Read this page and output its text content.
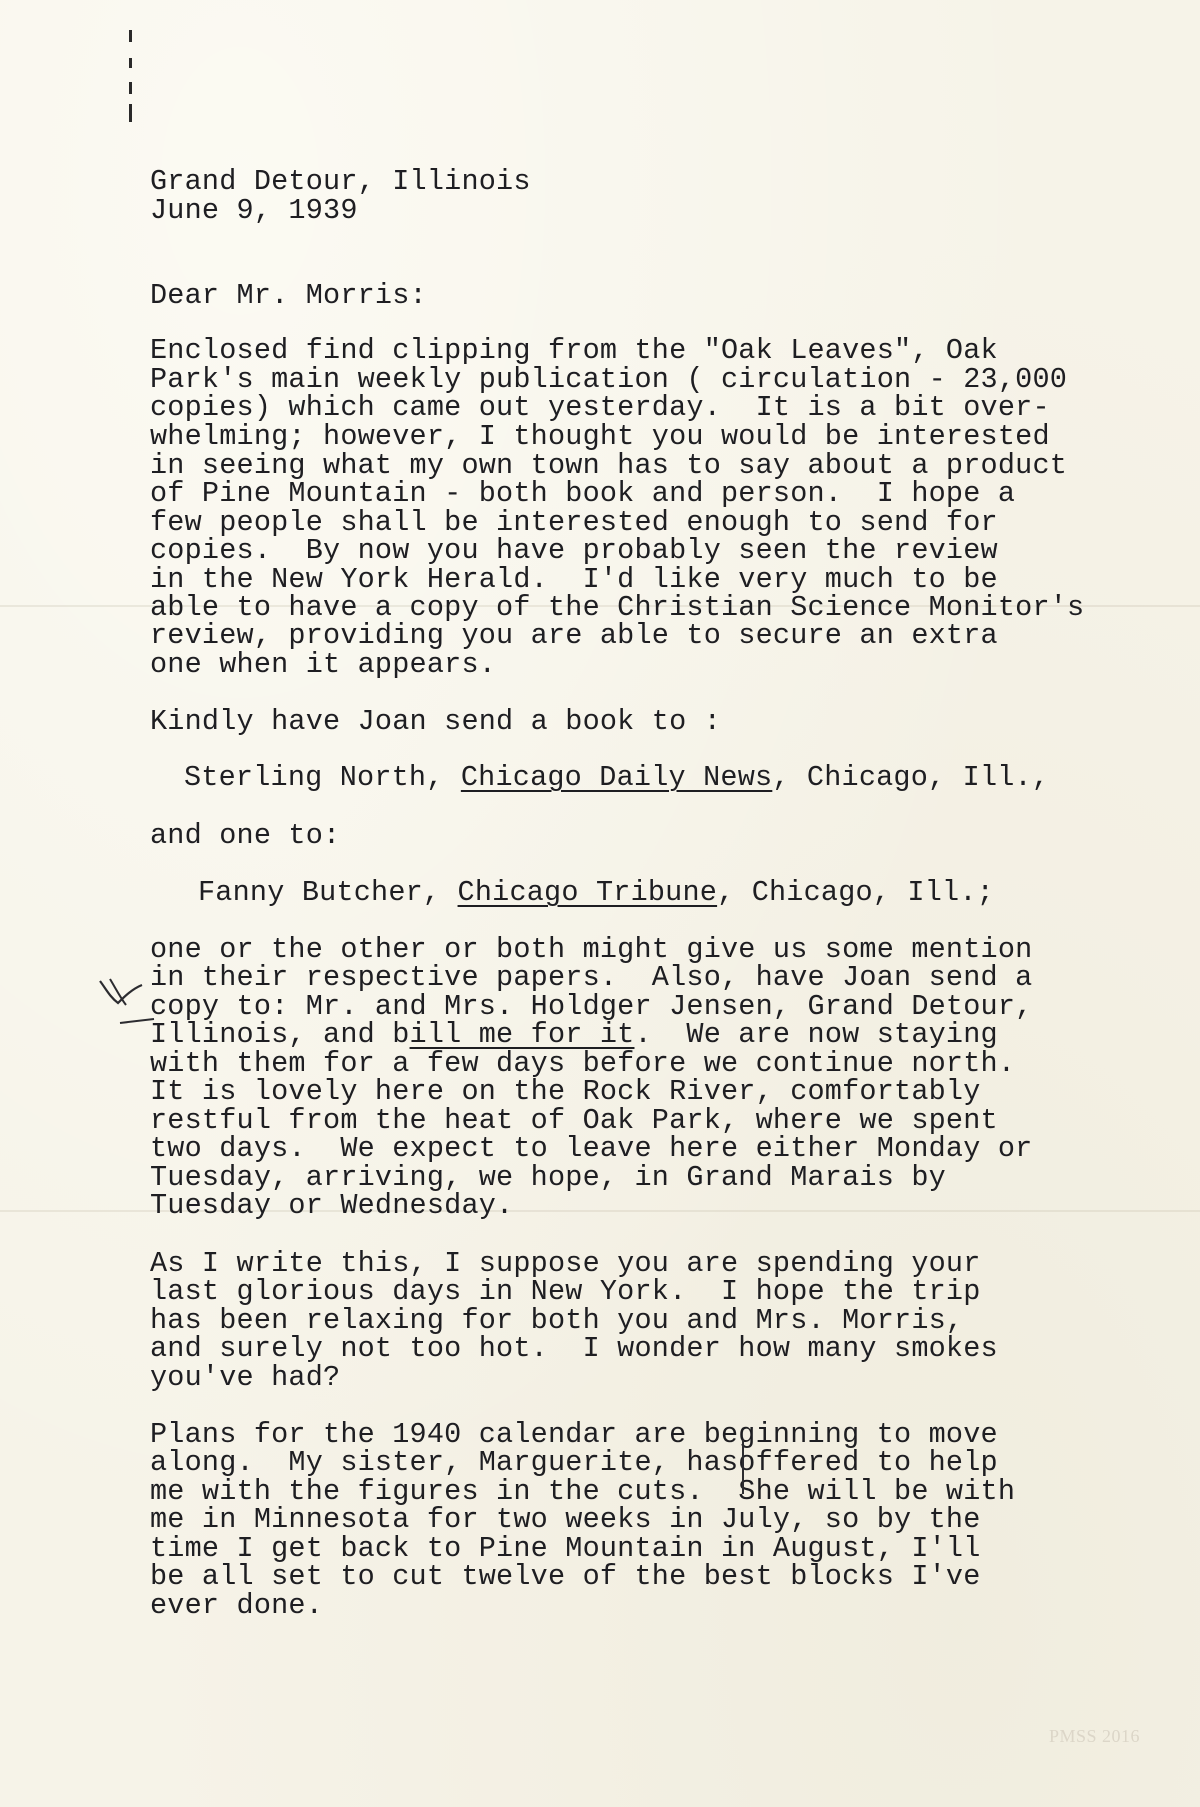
Grand Detour, Illinois
June 9, 1939
Dear Mr. Morris:
Enclosed find clipping from the "Oak Leaves", Oak
Park's main weekly publication ( circulation - 23,000
copies) which came out yesterday.  It is a bit over-
whelming; however, I thought you would be interested
in seeing what my own town has to say about a product
of Pine Mountain - both book and person.  I hope a
few people shall be interested enough to send for
copies.  By now you have probably seen the review
in the New York Herald.  I'd like very much to be
able to have a copy of the Christian Science Monitor's
review, providing you are able to secure an extra
one when it appears.
Kindly have Joan send a book to :
Sterling North, Chicago Daily News, Chicago, Ill.,
and one to:
Fanny Butcher, Chicago Tribune, Chicago, Ill.;
one or the other or both might give us some mention
in their respective papers.  Also, have Joan send a
copy to: Mr. and Mrs. Holdger Jensen, Grand Detour,
Illinois, and bill me for it.  We are now staying
with them for a few days before we continue north.
It is lovely here on the Rock River, comfortably
restful from the heat of Oak Park, where we spent
two days.  We expect to leave here either Monday or
Tuesday, arriving, we hope, in Grand Marais by
Tuesday or Wednesday.
As I write this, I suppose you are spending your
last glorious days in New York.  I hope the trip
has been relaxing for both you and Mrs. Morris,
and surely not too hot.  I wonder how many smokes
you've had?
Plans for the 1940 calendar are beginning to move
along.  My sister, Marguerite, hasoffered to help
me with the figures in the cuts.  She will be with
me in Minnesota for two weeks in July, so by the
time I get back to Pine Mountain in August, I'll
be all set to cut twelve of the best blocks I've
ever done.
PMSS 2016
